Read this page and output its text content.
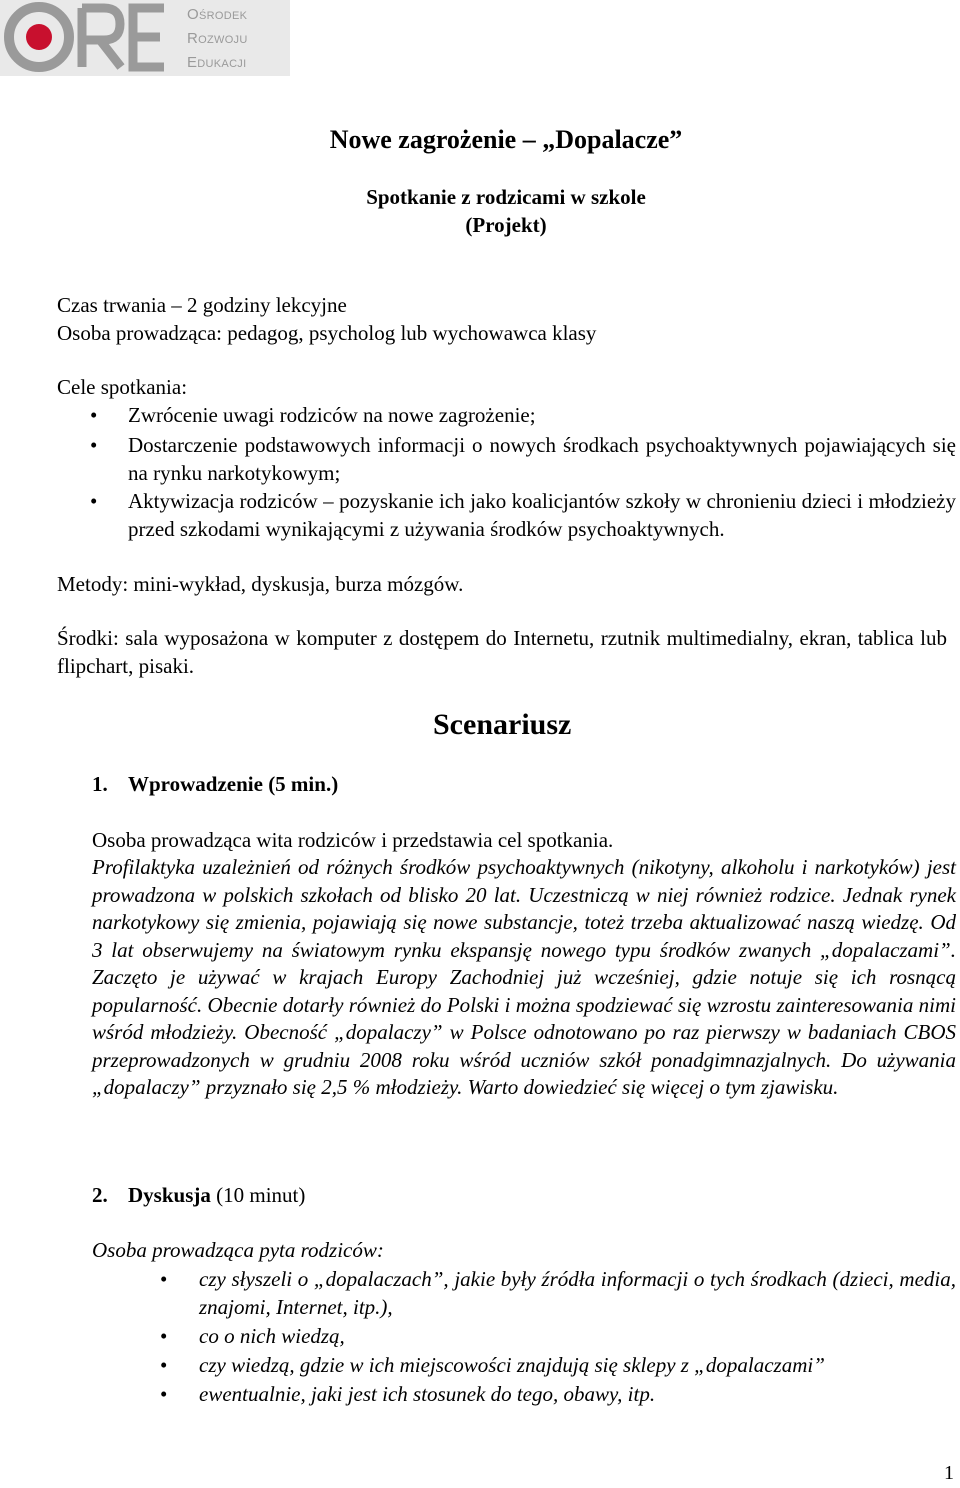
Ośrodek
Rozwoju
Edukacji
Nowe zagrożenie – „Dopalacze”
Spotkanie z rodzicami w szkole
(Projekt)
Czas trwania – 2 godziny lekcyjne
Osoba prowadząca: pedagog, psycholog lub wychowawca klasy
Cele spotkania:
• Zwrócenie uwagi rodziców na nowe zagrożenie;
• Dostarczenie podstawowych informacji o nowych środkach psychoaktywnych pojawiających się na rynku narkotykowym;
• Aktywizacja rodziców – pozyskanie ich jako koalicjantów szkoły w chronieniu dzieci i młodzieży przed szkodami wynikającymi z używania środków psychoaktywnych.
Metody: mini-wykład, dyskusja, burza mózgów.
Środki: sala wyposażona w komputer z dostępem do Internetu, rzutnik multimedialny, ekran, tablica lub flipchart, pisaki.
Scenariusz
1. Wprowadzenie (5 min.)
Osoba prowadząca wita rodziców i przedstawia cel spotkania.
Profilaktyka uzależnień od różnych środków psychoaktywnych (nikotyny, alkoholu i narkotyków) jest prowadzona w polskich szkołach od blisko 20 lat. Uczestniczą w niej również rodzice. Jednak rynek narkotykowy się zmienia, pojawiają się nowe substancje, toteż trzeba aktualizować naszą wiedzę. Od 3 lat obserwujemy na światowym rynku ekspansję nowego typu środków zwanych „dopalaczami”. Zaczęto je używać w krajach Europy Zachodniej już wcześniej, gdzie notuje się ich rosnącą popularność. Obecnie dotarły również do Polski i można spodziewać się wzrostu zainteresowania nimi wśród młodzieży. Obecność „dopalaczy” w Polsce odnotowano po raz pierwszy w badaniach CBOS przeprowadzonych w grudniu 2008 roku wśród uczniów szkół ponadgimnazjalnych. Do używania „dopalaczy” przyznało się 2,5 % młodzieży. Warto dowiedzieć się więcej o tym zjawisku.
2. Dyskusja (10 minut)
Osoba prowadząca pyta rodziców:
• czy słyszeli o „dopalaczach”, jakie były źródła informacji o tych środkach (dzieci, media, znajomi, Internet, itp.),
• co o nich wiedzą,
• czy wiedzą, gdzie w ich miejscowości znajdują się sklepy z „dopalaczami”
• ewentualnie, jaki jest ich stosunek do tego, obawy, itp.
1
